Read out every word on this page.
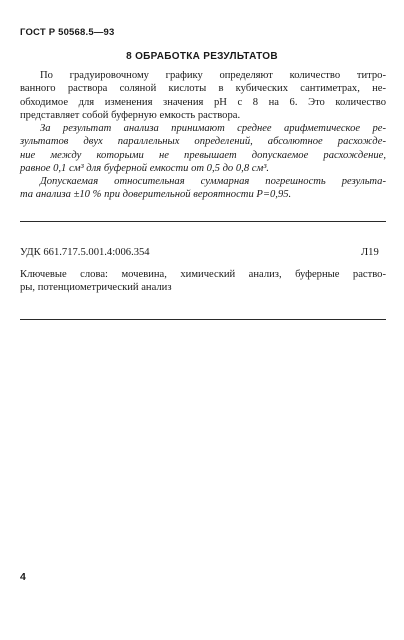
ГОСТ Р 50568.5—93
8 ОБРАБОТКА РЕЗУЛЬТАТОВ
По градуировочному графику определяют количество титро-
ванного раствора соляной кислоты в кубических сантиметрах, не-
обходимое для изменения значения pH с 8 на 6. Это количество
представляет собой буферную емкость раствора.
За результат анализа принимают среднее арифметическое ре-
зультатов двух параллельных определений, абсолютное расхожде-
ние между которыми не превышает допускаемое расхождение,
равное 0,1 см³ для буферной емкости от 0,5 до 0,8 см³.
Допускаемая относительная суммарная погрешность результа-
та анализа ±10 % при доверительной вероятности P=0,95.
УДК 661.717.5.001.4:006.354	Л19
Ключевые слова: мочевина, химический анализ, буферные раство-
ры, потенциометрический анализ
4
